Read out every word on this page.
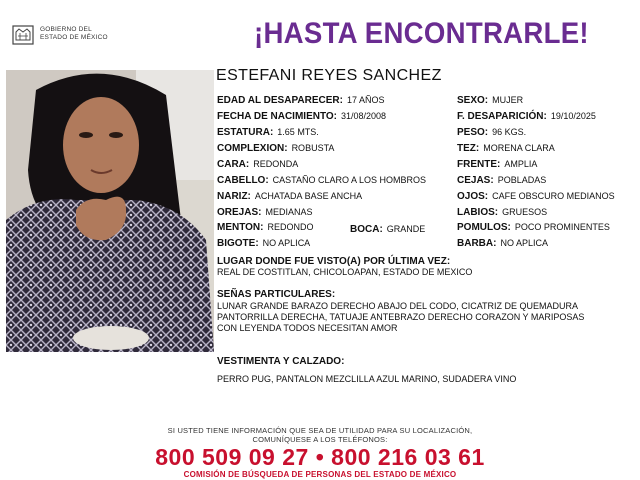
GOBIERNO DEL
ESTADO DE MÉXICO	¡HASTA ENCONTRARLE!
ESTEFANI REYES SANCHEZ
EDAD AL DESAPARECER: 17 AÑOS
FECHA DE NACIMIENTO: 31/08/2008
ESTATURA: 1.65 MTS.
COMPLEXION: ROBUSTA
CARA: REDONDA
CABELLO: CASTAÑO CLARO A LOS HOMBROS
NARIZ: ACHATADA BASE ANCHA
OREJAS: MEDIANAS
MENTON: REDONDO	BOCA: GRANDE
BIGOTE: NO APLICA
SEXO: MUJER
F. DESAPARICIÓN: 19/10/2025
PESO: 96 KGS.
TEZ: MORENA CLARA
FRENTE: AMPLIA
CEJAS: POBLADAS
OJOS: CAFE OBSCURO MEDIANOS
LABIOS: GRUESOS
POMULOS: POCO PROMINENTES
BARBA: NO APLICA
LUGAR DONDE FUE VISTO(A) POR ÚLTIMA VEZ:
REAL DE COSTITLAN, CHICOLOAPAN, ESTADO DE MEXICO
SEÑAS PARTICULARES:
LUNAR GRANDE BARAZO DERECHO ABAJO DEL CODO, CICATRIZ DE QUEMADURA
PANTORRILLA DERECHA, TATUAJE ANTEBRAZO DERECHO CORAZON Y MARIPOSAS
CON LEYENDA TODOS NECESITAN AMOR
VESTIMENTA Y CALZADO:
PERRO PUG, PANTALON MEZCLILLA AZUL MARINO, SUDADERA VINO
SI USTED TIENE INFORMACIÓN QUE SEA DE UTILIDAD PARA SU LOCALIZACIÓN,
COMUNÍQUESE A LOS TELÉFONOS:
800 509 09 27 • 800 216 03 61
COMISIÓN DE BÚSQUEDA DE PERSONAS DEL ESTADO DE MÉXICO
